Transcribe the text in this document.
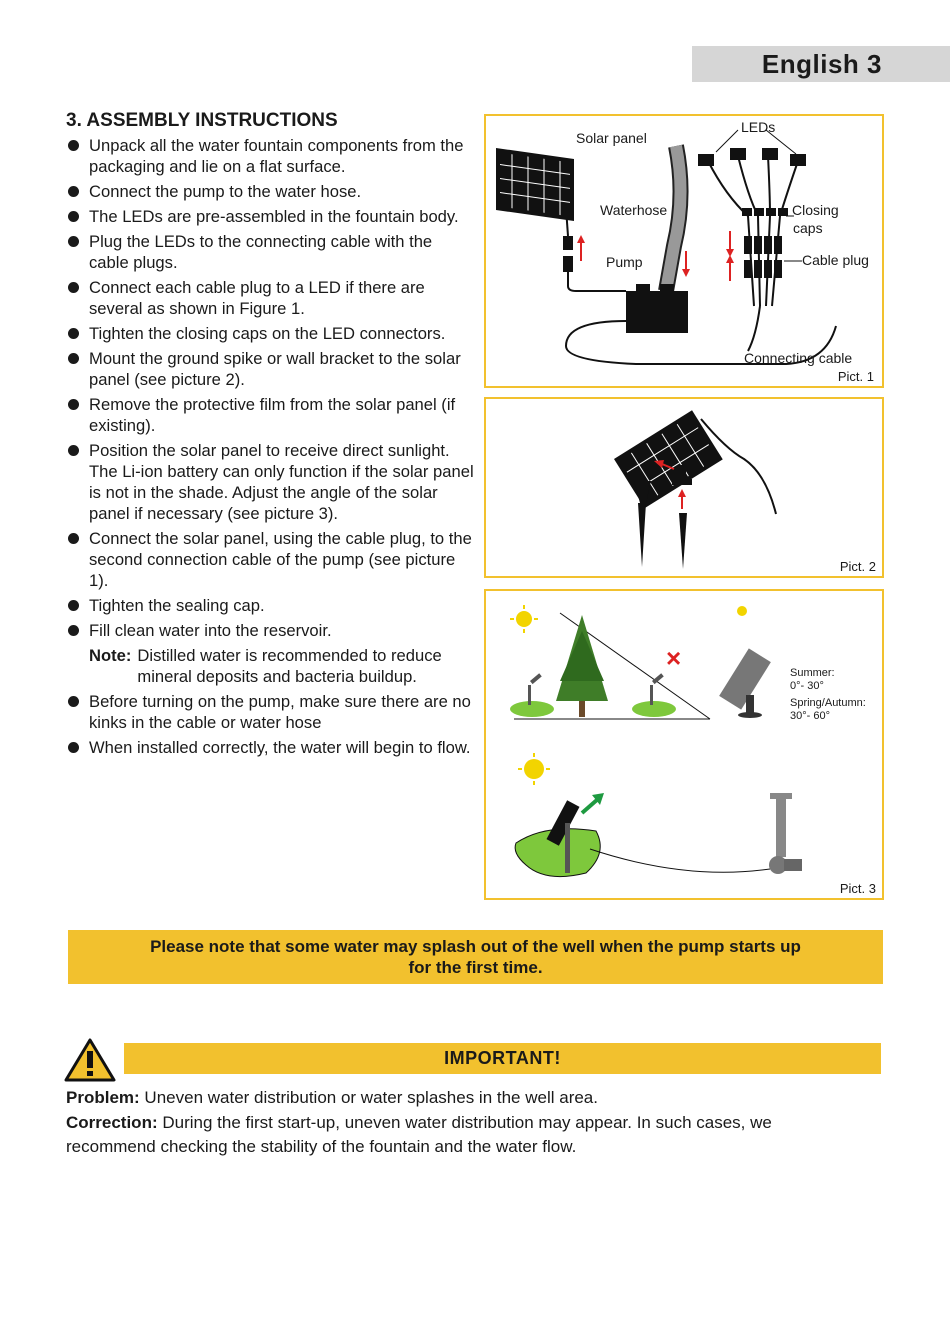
English 3
3. ASSEMBLY INSTRUCTIONS
Unpack all the water fountain components from the packaging and lie on a flat surface.
Connect the pump to the water hose.
The LEDs are pre-assembled in the fountain body.
Plug the LEDs to the connecting cable with the cable plugs.
Connect each cable plug to a LED if there are several as shown in Figure 1.
Tighten the closing caps on the LED connectors.
Mount the ground spike or wall bracket to the solar panel (see picture 2).
Remove the protective film from the solar panel (if existing).
Position the solar panel to receive direct sunlight. The Li-ion battery can only function if the solar panel is not in the shade. Adjust the angle of the solar panel if necessary (see picture 3).
Connect the solar panel, using the cable plug, to the second connection cable of the pump (see picture 1).
Tighten the sealing cap.
Fill clean water into the reservoir.
Note: Distilled water is recommended to reduce mineral deposits and bacteria buildup.
Before turning on the pump, make sure there are no kinks in the cable or water hose
When installed correctly, the water will begin to flow.
Solar panel
LEDs
Waterhose	Closing
caps
Pump	Cable plug
Connecting cable
Pict. 1
Pict. 2
×	Summer:
0°- 30°
Spring/Autumn:
30°- 60°
Pict. 3
Please note that some water may splash out of the well when the pump starts up for the first time.
IMPORTANT!
Problem: Uneven water distribution or water splashes in the well area.
Correction: During the first start-up, uneven water distribution may appear. In such cases, we recommend checking the stability of the fountain and the water flow.
